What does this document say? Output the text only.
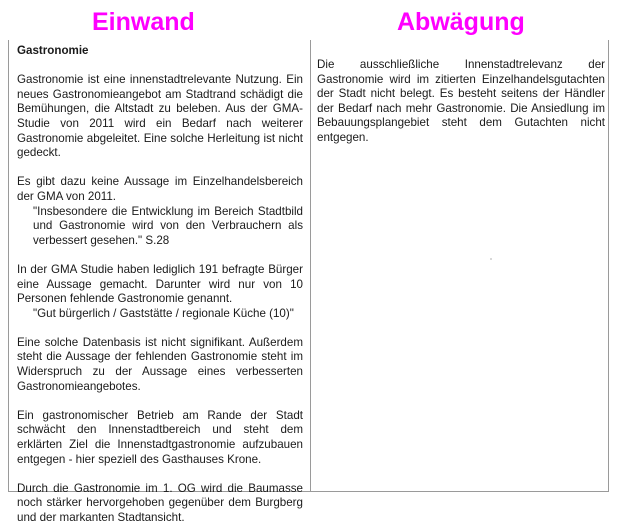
Einwand	Abwägung

Gastronomie

Gastronomie ist eine innenstadtrelevante Nutzung. Ein neues Gastronomieangebot am Stadtrand schädigt die Bemühungen, die Altstadt zu beleben. Aus der GMA-Studie von 2011 wird ein Bedarf nach weiterer Gastronomie abgeleitet. Eine solche Herleitung ist nicht gedeckt.

Es gibt dazu keine Aussage im Einzelhandelsbereich der GMA von 2011.

"Insbesondere die Entwicklung im Bereich Stadtbild und Gastronomie wird von den Verbrauchern als verbessert gesehen." S.28

In der GMA Studie haben lediglich 191 befragte Bürger eine Aussage gemacht. Darunter wird nur von 10 Personen fehlende Gastronomie genannt.

"Gut bürgerlich / Gaststätte / regionale Küche (10)"

Eine solche Datenbasis ist nicht signifikant. Außerdem steht die Aussage der fehlenden Gastronomie steht im Widerspruch zu der Aussage eines verbesserten Gastronomieangebotes.

Ein gastronomischer Betrieb am Rande der Stadt schwächt den Innenstadtbereich und steht dem erklärten Ziel die Innenstadtgastronomie aufzubauen entgegen - hier speziell des Gasthauses Krone.

Durch die Gastronomie im 1. OG wird die Baumasse noch stärker hervorgehoben gegenüber dem Burgberg und der markanten Stadtansicht.

Die ausschließliche Innenstadtrelevanz der Gastronomie wird im zitierten Einzelhandelsgutachten der Stadt nicht belegt. Es besteht seitens der Händler der Bedarf nach mehr Gastronomie. Die Ansiedlung im Bebauungsplangebiet steht dem Gutachten nicht entgegen.
